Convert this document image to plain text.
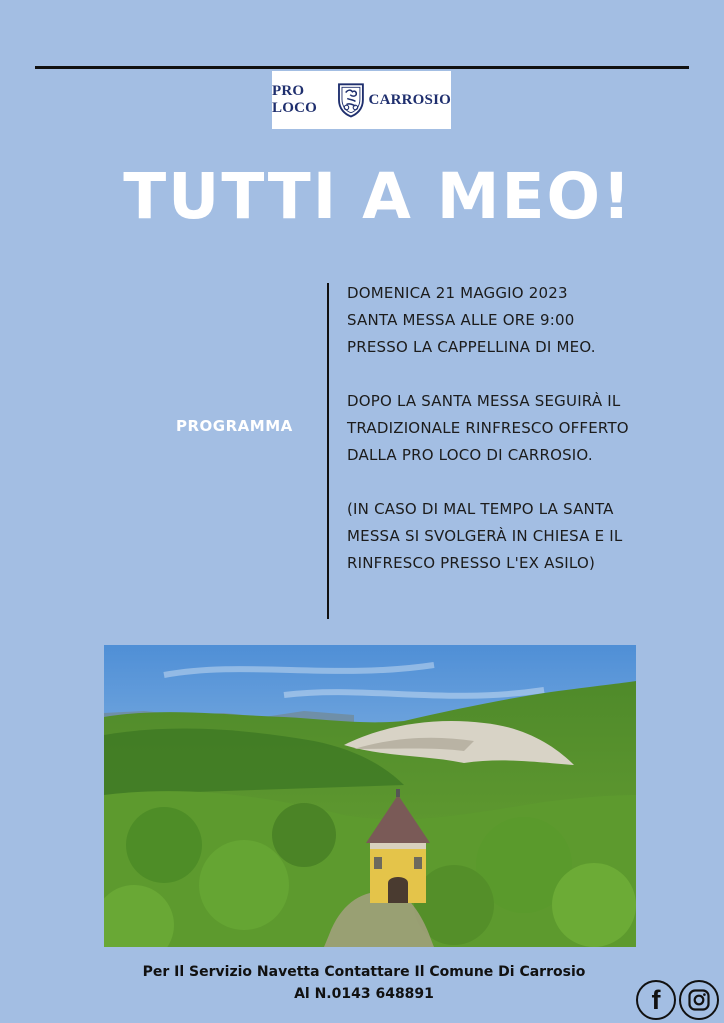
PRO LOCO
CARROSIO
TUTTI A MEO!
PROGRAMMA

DOMENICA 21 MAGGIO 2023
SANTA MESSA ALLE ORE 9:00
PRESSO LA CAPPELLINA DI MEO.

DOPO LA SANTA MESSA SEGUIRÀ IL
TRADIZIONALE RINFRESCO OFFERTO
DALLA PRO LOCO DI CARROSIO.

(IN CASO DI MAL TEMPO LA SANTA
MESSA SI SVOLGERÀ IN CHIESA E IL
RINFRESCO PRESSO L'EX ASILO)

Per Il Servizio Navetta Contattare Il Comune Di Carrosio
Al N.0143 648891	f
